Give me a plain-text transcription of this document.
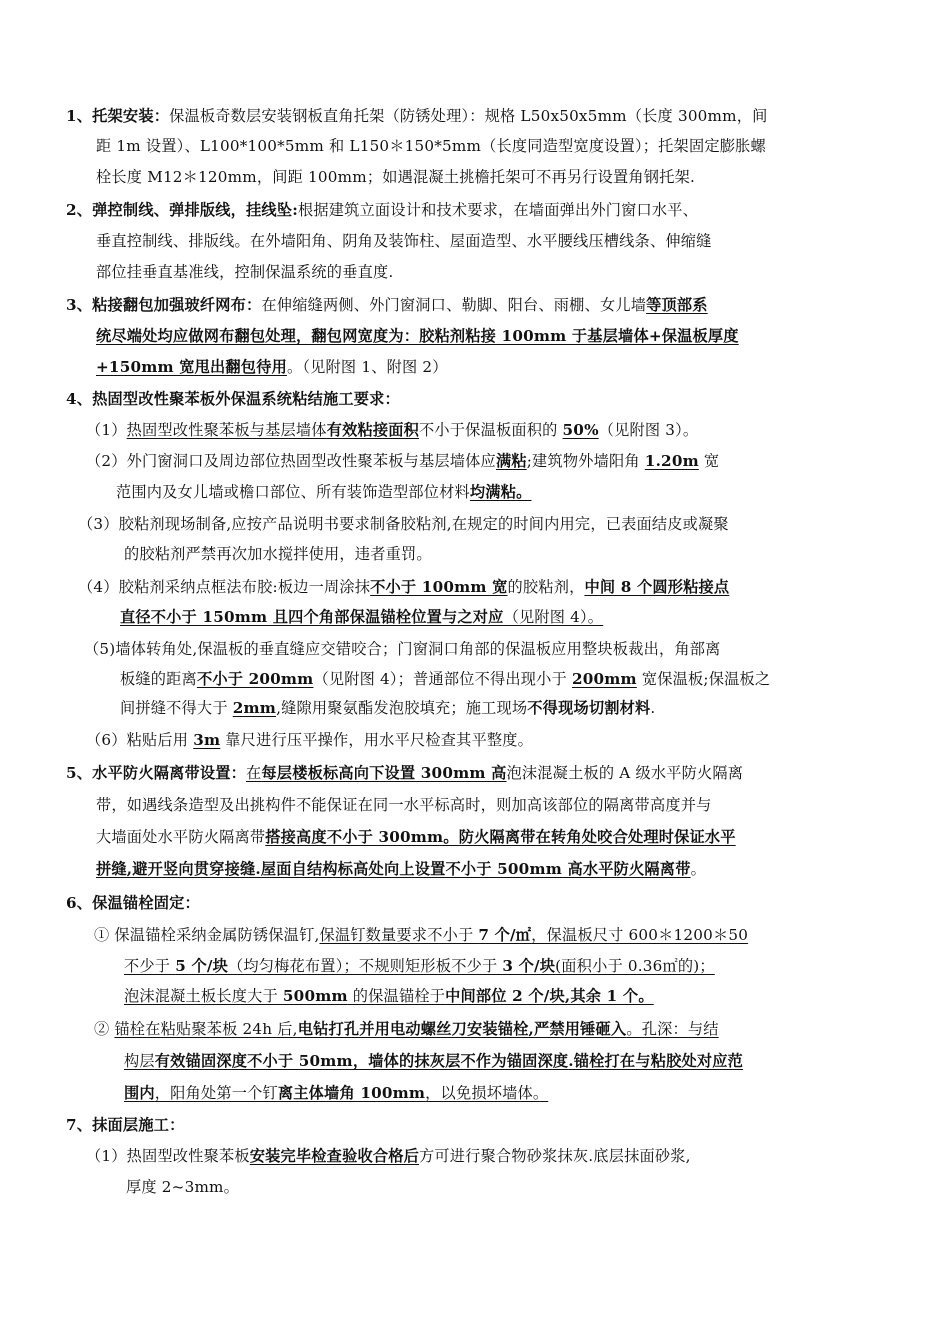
1、托架安装：保温板奇数层安装钢板直角托架（防锈处理）：规格 L50x50x5mm（长度 300mm，间
距 1m 设置）、L100*100*5mm 和 L150＊150*5mm（长度同造型宽度设置）；托架固定膨胀螺
栓长度 M12＊120mm，间距 100mm；如遇混凝土挑檐托架可不再另行设置角钢托架.
2、弹控制线、弹排版线，挂线坠:根据建筑立面设计和技术要求，在墙面弹出外门窗口水平、
垂直控制线、排版线。在外墙阳角、阴角及装饰柱、屋面造型、水平腰线压槽线条、伸缩缝
部位挂垂直基准线，控制保温系统的垂直度.
3、粘接翻包加强玻纤网布：在伸缩缝两侧、外门窗洞口、勒脚、阳台、雨棚、女儿墙等顶部系
统尽端处均应做网布翻包处理，翻包网宽度为：胶粘剂粘接 100mm 于基层墙体+保温板厚度
+150mm 宽甩出翻包待用。（见附图 1、附图 2）
4、热固型改性聚苯板外保温系统粘结施工要求：
（1）热固型改性聚苯板与基层墙体有效粘接面积不小于保温板面积的 50%（见附图 3）。
（2）外门窗洞口及周边部位热固型改性聚苯板与基层墙体应满粘;建筑物外墙阳角 1.20m 宽
范围内及女儿墙或檐口部位、所有装饰造型部位材料均满粘。
（3）胶粘剂现场制备,应按产品说明书要求制备胶粘剂,在规定的时间内用完，已表面结皮或凝聚
的胶粘剂严禁再次加水搅拌使用，违者重罚。
（4）胶粘剂采纳点框法布胶:板边一周涂抹不小于 100mm 宽的胶粘剂，中间 8 个圆形粘接点
直径不小于 150mm 且四个角部保温锚栓位置与之对应（见附图 4）。
（5)墙体转角处,保温板的垂直缝应交错咬合；门窗洞口角部的保温板应用整块板裁出，角部离
板缝的距离不小于 200mm（见附图 4）；普通部位不得出现小于 200mm 宽保温板;保温板之
间拼缝不得大于 2mm,缝隙用聚氨酯发泡胶填充；施工现场不得现场切割材料.
（6）粘贴后用 3m 靠尺进行压平操作，用水平尺检查其平整度。
5、水平防火隔离带设置：在每层楼板标高向下设置 300mm 高泡沫混凝土板的 A 级水平防火隔离
带，如遇线条造型及出挑构件不能保证在同一水平标高时，则加高该部位的隔离带高度并与
大墙面处水平防火隔离带搭接高度不小于 300mm。防火隔离带在转角处咬合处理时保证水平
拼缝,避开竖向贯穿接缝.屋面自结构标高处向上设置不小于 500mm 高水平防火隔离带。
6、保温锚栓固定：
① 保温锚栓采纳金属防锈保温钉,保温钉数量要求不小于 7 个/㎡，保温板尺寸 600＊1200＊50
不少于 5 个/块（均匀梅花布置）；不规则矩形板不少于 3 个/块(面积小于 0.36㎡的)；
泡沫混凝土板长度大于 500mm 的保温锚栓于中间部位 2 个/块,其余 1 个。
② 锚栓在粘贴聚苯板 24h 后,电钻打孔并用电动螺丝刀安装锚栓,严禁用锤砸入。孔深：与结
构层有效锚固深度不小于 50mm，墙体的抹灰层不作为锚固深度.锚栓打在与粘胶处对应范
围内，阳角处第一个钉离主体墙角 100mm，以免损坏墙体。
7、抹面层施工：
（1）热固型改性聚苯板安装完毕检查验收合格后方可进行聚合物砂浆抹灰.底层抹面砂浆,
厚度 2~3mm。
